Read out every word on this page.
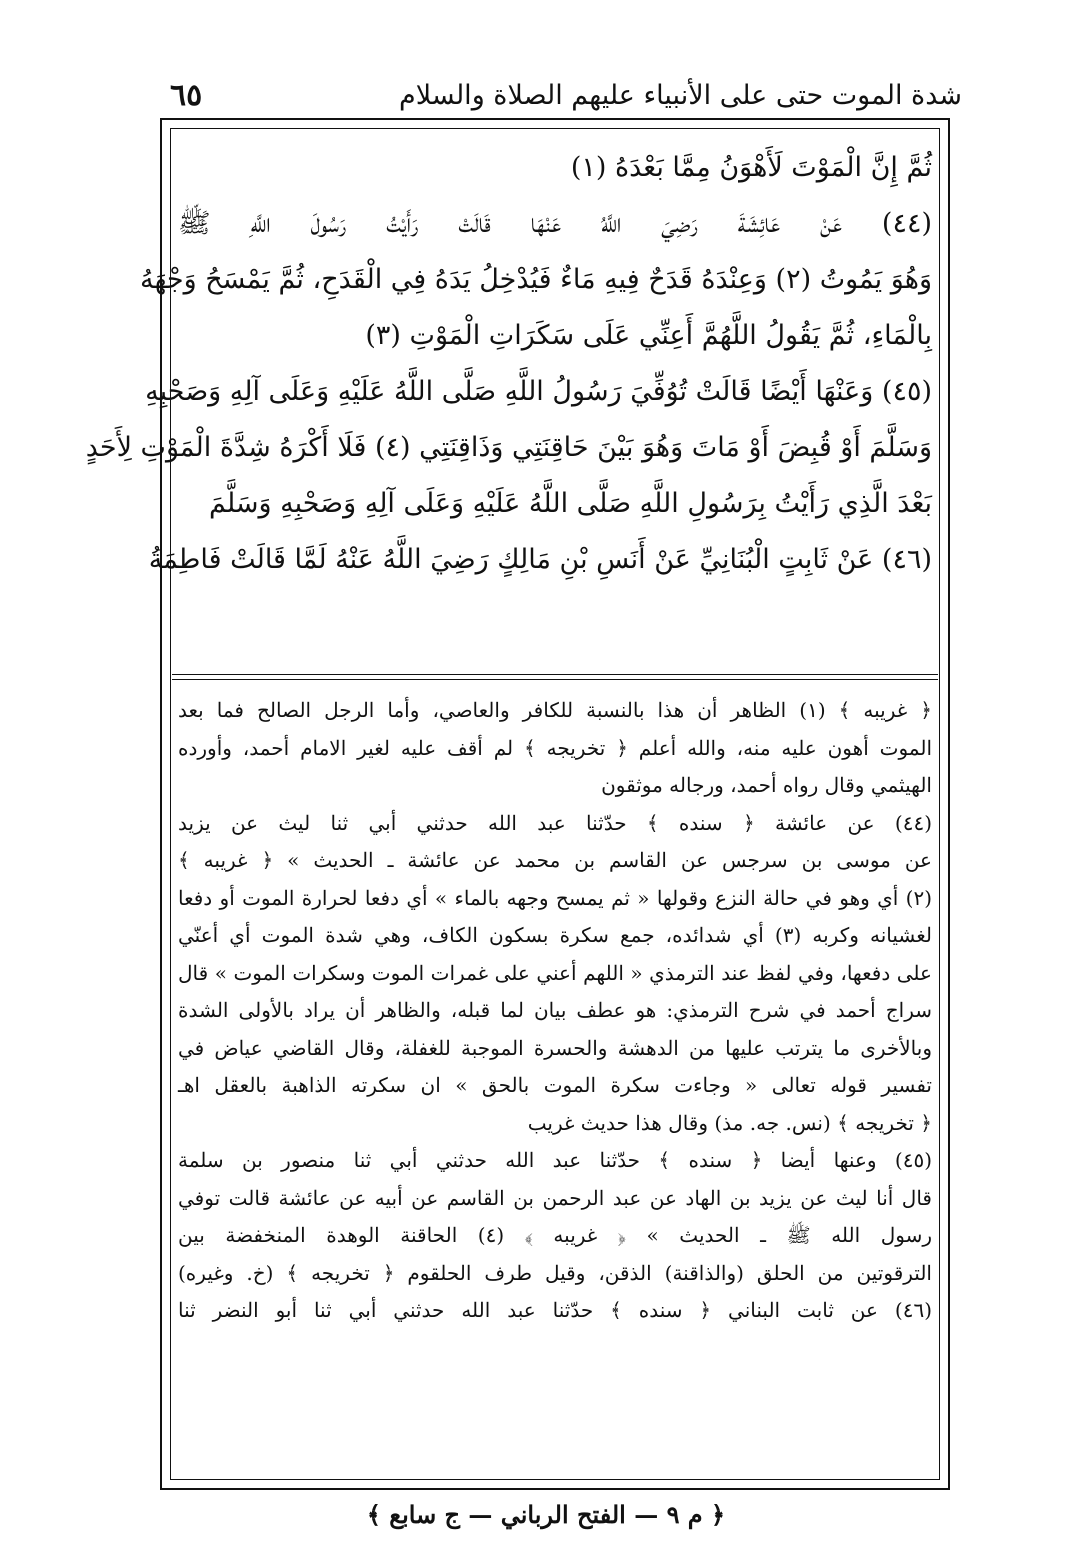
٦٥	شدة الموت حتى على الأنبياء عليهم الصلاة والسلام
ثُمَّ إِنَّ الْمَوْتَ لَأَهْوَنُ مِمَّا بَعْدَهُ (١)
(٤٤) عَنْ عَائِشَةَ رَضِيَ اللَّهُ عَنْهَا قَالَتْ رَأَيْتُ رَسُولَ اللَّهِ ﷺ
وَهُوَ يَمُوتُ (٢) وَعِنْدَهُ قَدَحٌ فِيهِ مَاءٌ فَيُدْخِلُ يَدَهُ فِي الْقَدَحِ، ثُمَّ يَمْسَحُ وَجْهَهُ
بِالْمَاءِ، ثُمَّ يَقُولُ اللَّهُمَّ أَعِنِّي عَلَى سَكَرَاتِ الْمَوْتِ (٣)
(٤٥) وَعَنْهَا أَيْضًا قَالَتْ تُوُفِّيَ رَسُولُ اللَّهِ صَلَّى اللَّهُ عَلَيْهِ وَعَلَى آلِهِ وَصَحْبِهِ
وَسَلَّمَ أَوْ قُبِضَ أَوْ مَاتَ وَهُوَ بَيْنَ حَاقِنَتِي وَذَاقِنَتِي (٤) فَلَا أَكْرَهُ شِدَّةَ الْمَوْتِ لِأَحَدٍ
بَعْدَ الَّذِي رَأَيْتُ بِرَسُولِ اللَّهِ صَلَّى اللَّهُ عَلَيْهِ وَعَلَى آلِهِ وَصَحْبِهِ وَسَلَّمَ
(٤٦) عَنْ ثَابِتٍ الْبُنَانِيِّ عَنْ أَنَسِ بْنِ مَالِكٍ رَضِيَ اللَّهُ عَنْهُ لَمَّا قَالَتْ فَاطِمَةُ
﴿ غريبه ﴾ (١) الظاهر أن هذا بالنسبة للكافر والعاصي، وأما الرجل الصالح فما بعد
الموت أهون عليه منه، والله أعلم ﴿ تخريجه ﴾ لم أقف عليه لغير الامام أحمد، وأورده
الهيثمي وقال رواه أحمد، ورجاله موثقون
(٤٤) عن عائشة ﴿ سنده ﴾ حدّثنا عبد الله حدثني أبي ثنا ليث عن يزيد
عن موسى بن سرجس عن القاسم بن محمد عن عائشة ـ الحديث » ﴿ غريبه ﴾
(٢) أي وهو في حالة النزع وقولها « ثم يمسح وجهه بالماء » أي دفعا لحرارة الموت أو دفعا
لغشيانه وكربه (٣) أي شدائده، جمع سكرة بسكون الكاف، وهي شدة الموت أي أعنّي
على دفعها، وفي لفظ عند الترمذي « اللهم أعني على غمرات الموت وسكرات الموت » قال
سراج أحمد في شرح الترمذي: هو عطف بيان لما قبله، والظاهر أن يراد بالأولى الشدة
وبالأخرى ما يترتب عليها من الدهشة والحسرة الموجبة للغفلة، وقال القاضي عياض في
تفسير قوله تعالى « وجاءت سكرة الموت بالحق » ان سكرته الذاهبة بالعقل اهـ
﴿ تخريجه ﴾ (نس. جه. مذ) وقال هذا حديث غريب
(٤٥) وعنها أيضا ﴿ سنده ﴾ حدّثنا عبد الله حدثني أبي ثنا منصور بن سلمة
قال أنا ليث عن يزيد بن الهاد عن عبد الرحمن بن القاسم عن أبيه عن عائشة قالت توفي
رسول الله ﷺ ـ الحديث » ﴿ غريبه ﴾ (٤) الحاقنة الوهدة المنخفضة بين
الترقوتين من الحلق (والذاقنة) الذقن، وقيل طرف الحلقوم ﴿ تخريجه ﴾ (خ. وغيره)
(٤٦) عن ثابت البناني ﴿ سنده ﴾ حدّثنا عبد الله حدثني أبي ثنا أبو النضر ثنا
﴿ م ٩ — الفتح الرباني — ج سابع ﴾
